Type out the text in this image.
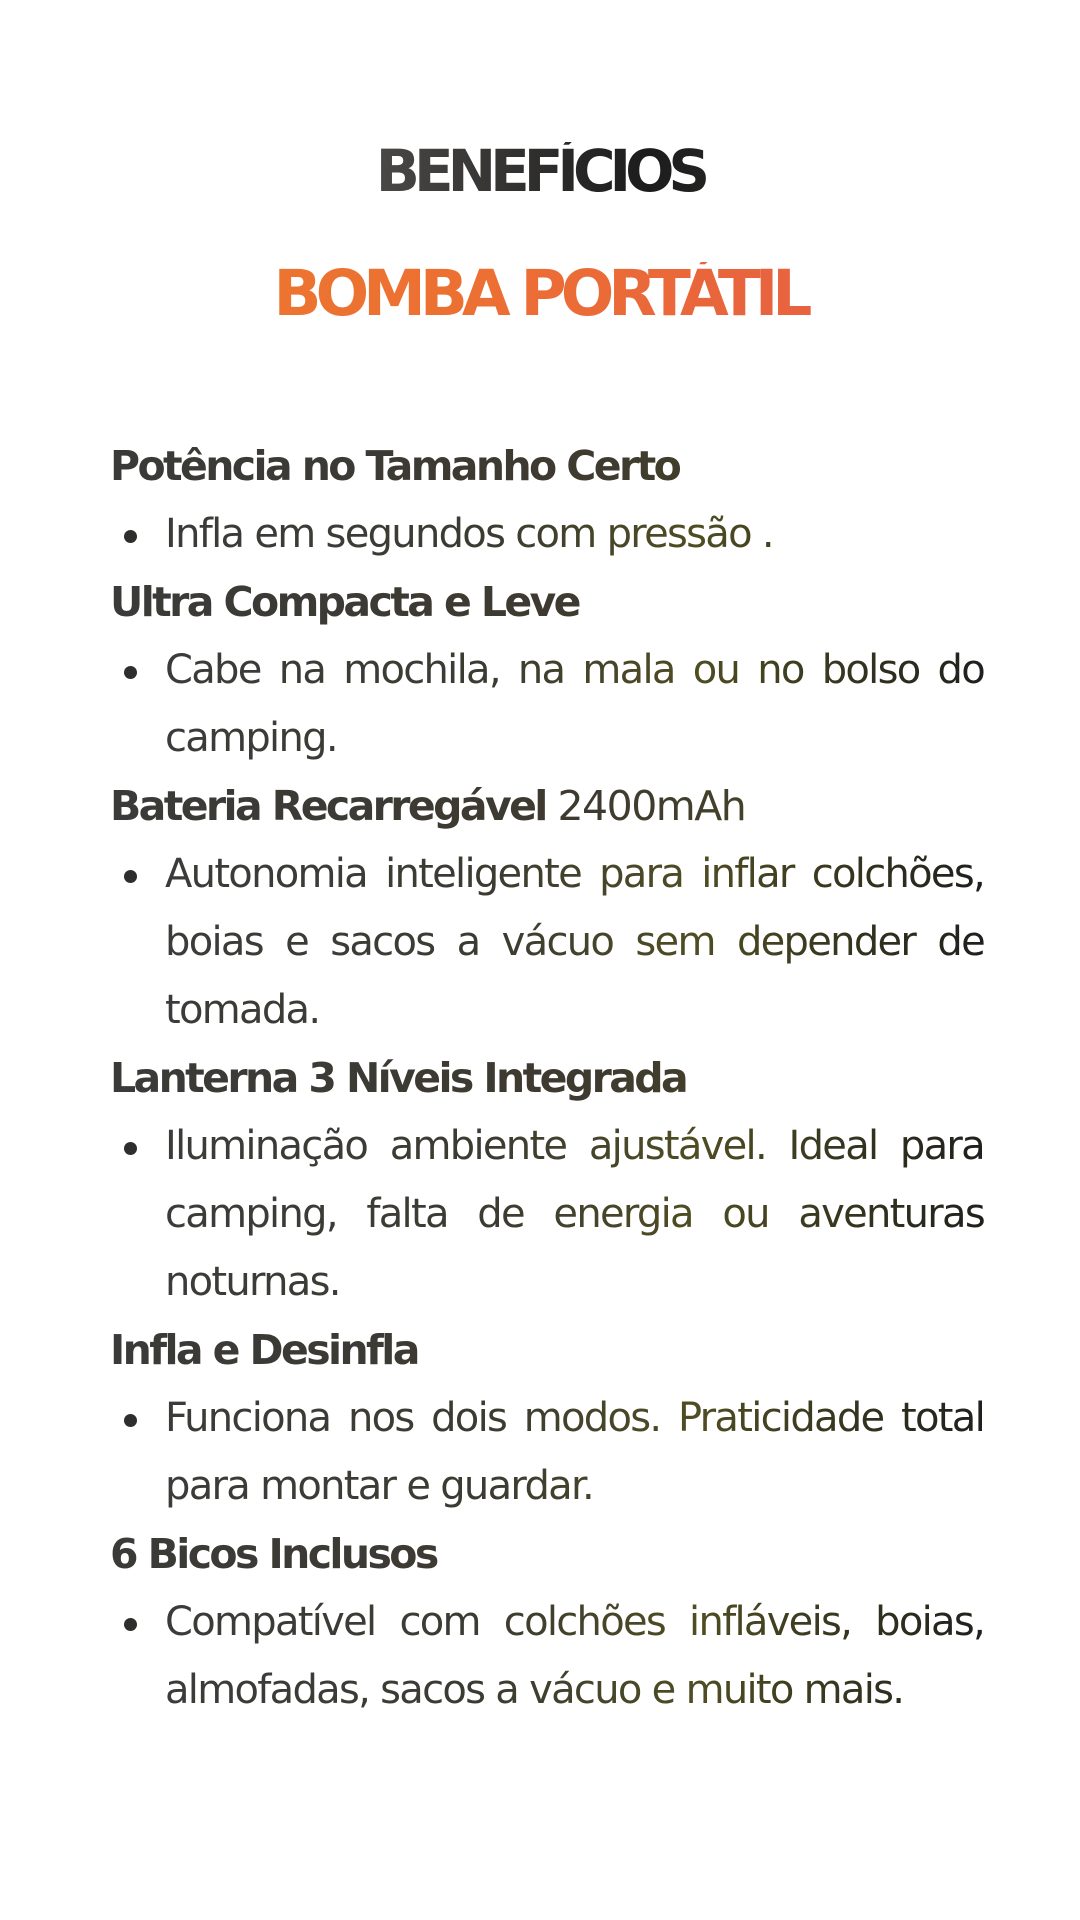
BENEFÍCIOS
BOMBA PORTÁTIL
Potência no Tamanho Certo
Infla em segundos com pressão .
Ultra Compacta e Leve
Cabe na mochila, na mala ou no bolso do camping.
Bateria Recarregável 2400mAh
Autonomia inteligente para inflar colchões, boias e sacos a vácuo sem depender de tomada.
Lanterna 3 Níveis Integrada
Iluminação ambiente ajustável. Ideal para camping, falta de energia ou aventuras noturnas.
Infla e Desinfla
Funciona nos dois modos. Praticidade total para montar e guardar.
6 Bicos Inclusos
Compatível com colchões infláveis, boias, almofadas, sacos a vácuo e muito mais.
